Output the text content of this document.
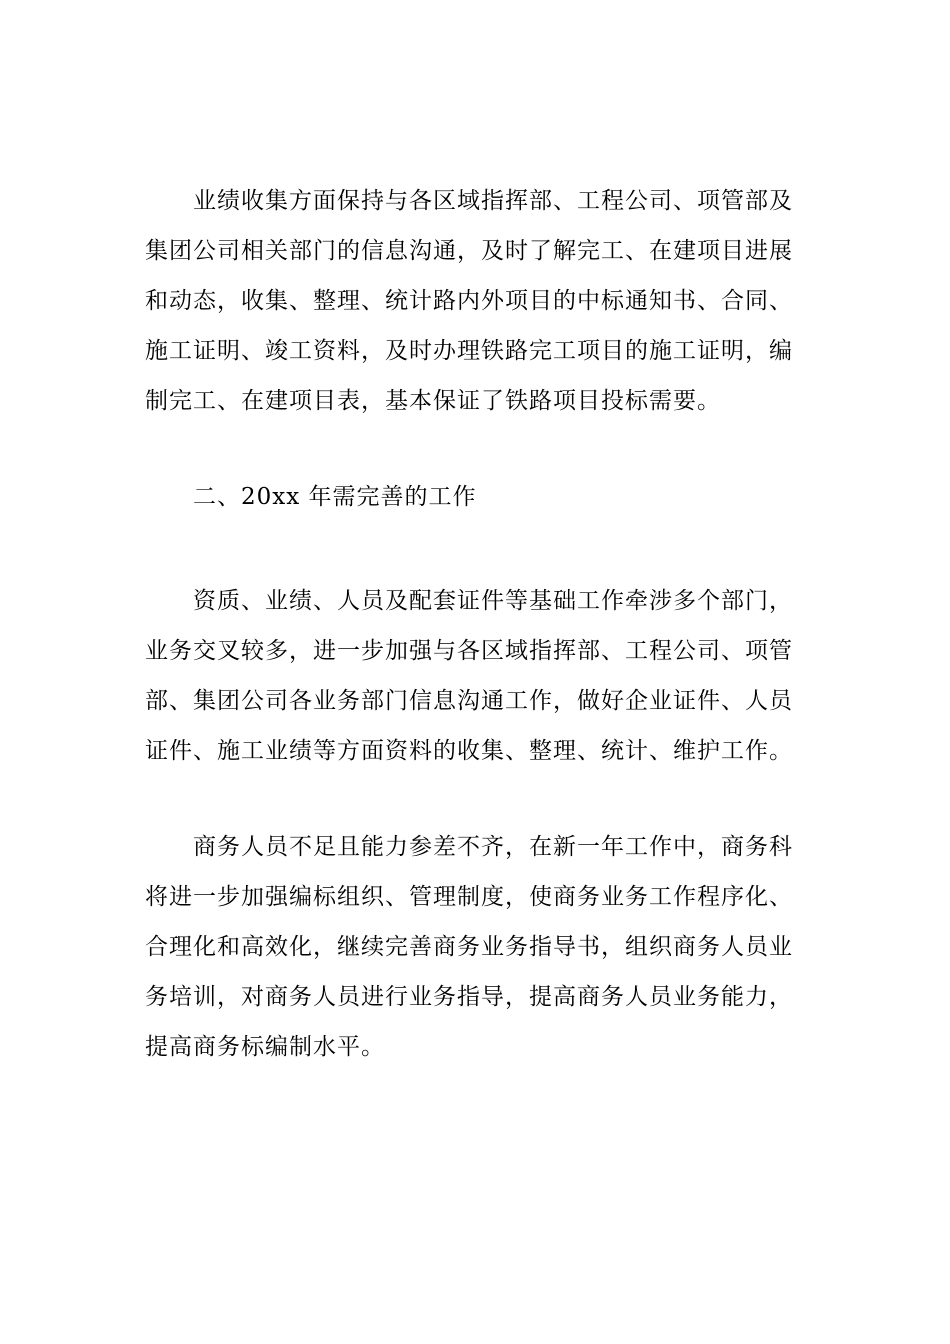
业绩收集方面保持与各区域指挥部、工程公司、项管部及
集团公司相关部门的信息沟通，及时了解完工、在建项目进展
和动态，收集、整理、统计路内外项目的中标通知书、合同、
施工证明、竣工资料，及时办理铁路完工项目的施工证明，编
制完工、在建项目表，基本保证了铁路项目投标需要。
二、20xx 年需完善的工作
资质、业绩、人员及配套证件等基础工作牵涉多个部门，
业务交叉较多，进一步加强与各区域指挥部、工程公司、项管
部、集团公司各业务部门信息沟通工作，做好企业证件、人员
证件、施工业绩等方面资料的收集、整理、统计、维护工作。
商务人员不足且能力参差不齐，在新一年工作中，商务科
将进一步加强编标组织、管理制度，使商务业务工作程序化、
合理化和高效化，继续完善商务业务指导书，组织商务人员业
务培训，对商务人员进行业务指导，提高商务人员业务能力，
提高商务标编制水平。
